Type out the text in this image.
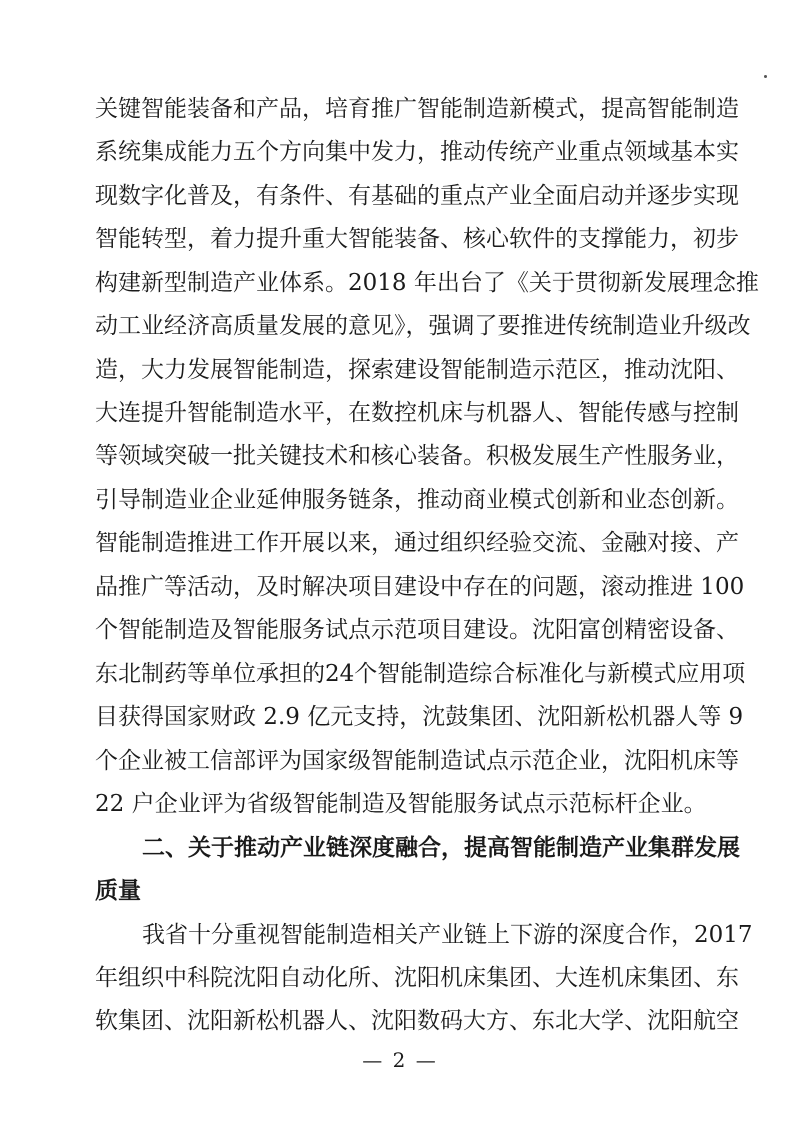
关键智能装备和产品，培育推广智能制造新模式，提高智能制造
系统集成能力五个方向集中发力，推动传统产业重点领域基本实
现数字化普及，有条件、有基础的重点产业全面启动并逐步实现
智能转型，着力提升重大智能装备、核心软件的支撑能力，初步
构建新型制造产业体系。2018 年出台了《关于贯彻新发展理念推
动工业经济高质量发展的意见》，强调了要推进传统制造业升级改
造，大力发展智能制造，探索建设智能制造示范区，推动沈阳、
大连提升智能制造水平，在数控机床与机器人、智能传感与控制
等领域突破一批关键技术和核心装备。积极发展生产性服务业，
引导制造业企业延伸服务链条，推动商业模式创新和业态创新。
智能制造推进工作开展以来，通过组织经验交流、金融对接、产
品推广等活动，及时解决项目建设中存在的问题，滚动推进 100
个智能制造及智能服务试点示范项目建设。沈阳富创精密设备、
东北制药等单位承担的24个智能制造综合标准化与新模式应用项
目获得国家财政 2.9 亿元支持，沈鼓集团、沈阳新松机器人等 9
个企业被工信部评为国家级智能制造试点示范企业，沈阳机床等
22 户企业评为省级智能制造及智能服务试点示范标杆企业。
二、关于推动产业链深度融合，提高智能制造产业集群发展
质量
我省十分重视智能制造相关产业链上下游的深度合作，2017
年组织中科院沈阳自动化所、沈阳机床集团、大连机床集团、东
软集团、沈阳新松机器人、沈阳数码大方、东北大学、沈阳航空
— 2 —
